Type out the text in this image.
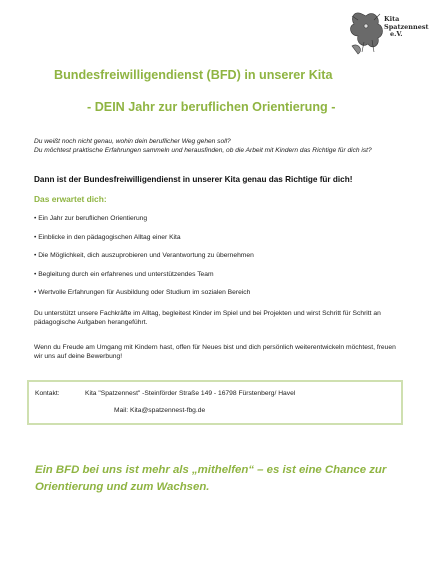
Kita
Spatzennest
e.V.
Bundesfreiwilligendienst (BFD) in unserer Kita
- DEIN Jahr zur beruflichen Orientierung -

Du weißt noch nicht genau, wohin dein beruflicher Weg gehen soll?

Du möchtest praktische Erfahrungen sammeln und herausfinden, ob die Arbeit mit Kindern das Richtige für dich ist?

Dann ist der Bundesfreiwilligendienst in unserer Kita genau das Richtige für dich!
Das erwartet dich:
• Ein Jahr zur beruflichen Orientierung
• Einblicke in den pädagogischen Alltag einer Kita
• Die Möglichkeit, dich auszuprobieren und Verantwortung zu übernehmen
• Begleitung durch ein erfahrenes und unterstützendes Team
• Wertvolle Erfahrungen für Ausbildung oder Studium im sozialen Bereich
Du unterstützt unsere Fachkräfte im Alltag, begleitest Kinder im Spiel und bei Projekten und wirst Schritt für Schritt an pädagogische Aufgaben herangeführt.
Wenn du Freude am Umgang mit Kindern hast, offen für Neues bist und dich persönlich weiterentwickeln möchtest, freuen wir uns auf deine Bewerbung!
Kontakt:	Kita "Spatzennest" -Steinförder Straße 149 - 16798 Fürstenberg/ Havel
Mail: Kita@spatzennest-fbg.de
Ein BFD bei uns ist mehr als „mithelfen“ – es ist eine Chance zur Orientierung und zum Wachsen.
